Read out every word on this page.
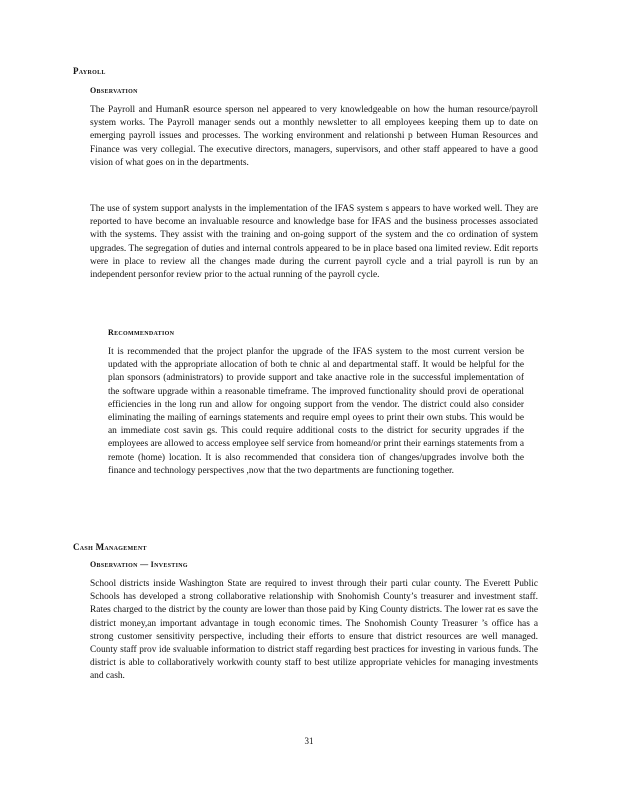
Payroll
Observation

The Payroll and HumanR esource sperson nel appeared to very knowledgeable on how the human resource/payroll system works. The Payroll manager sends out a monthly newsletter to all employees keeping them up to date on emerging payroll issues and processes. The working environment and relationshi p between Human Resources and Finance was very collegial. The executive directors, managers, supervisors, and other staff appeared to have a good vision of what goes on in the departments.

The use of system support analysts in the implementation of the IFAS system s appears to have worked well. They are reported to have become an invaluable resource and knowledge base for IFAS and the business processes associated with the systems. They assist with the training and on-going support of the system and the co ordination of system upgrades. The segregation of duties and internal controls appeared to be in place based ona limited review. Edit reports were in place to review all the changes made during the current payroll cycle and a trial payroll is run by an independent personfor review prior to the actual running of the payroll cycle.

Recommendation

It is recommended that the project planfor the upgrade of the IFAS system to the most current version be updated with the appropriate allocation of both te chnic al and departmental staff. It would be helpful for the plan sponsors (administrators) to provide support and take anactive role in the successful implementation of the software upgrade within a reasonable timeframe. The improved functionality should provi de operational efficiencies in the long run and allow for ongoing support from the vendor. The district could also consider eliminating the mailing of earnings statements and require empl oyees to print their own stubs. This would be an immediate cost savin gs. This could require additional costs to the district for security upgrades if the employees are allowed to access employee self service from homeand/or print their earnings statements from a remote (home) location. It is also recommended that considera tion of changes/upgrades involve both the finance and technology perspectives ,now that the two departments are functioning together.

Cash Management
Observation — Investing

School districts inside Washington State are required to invest through their parti cular county. The Everett Public Schools has developed a strong collaborative relationship with Snohomish County’s treasurer and investment staff. Rates charged to the district by the county are lower than those paid by King County districts. The lower rat es save the district money,an important advantage in tough economic times. The Snohomish County Treasurer ’s office has a strong customer sensitivity perspective, including their efforts to ensure that district resources are well managed. County staff prov ide svaluable information to district staff regarding best practices for investing in various funds. The district is able to collaboratively workwith county staff to best utilize appropriate vehicles for managing investments and cash.

31
